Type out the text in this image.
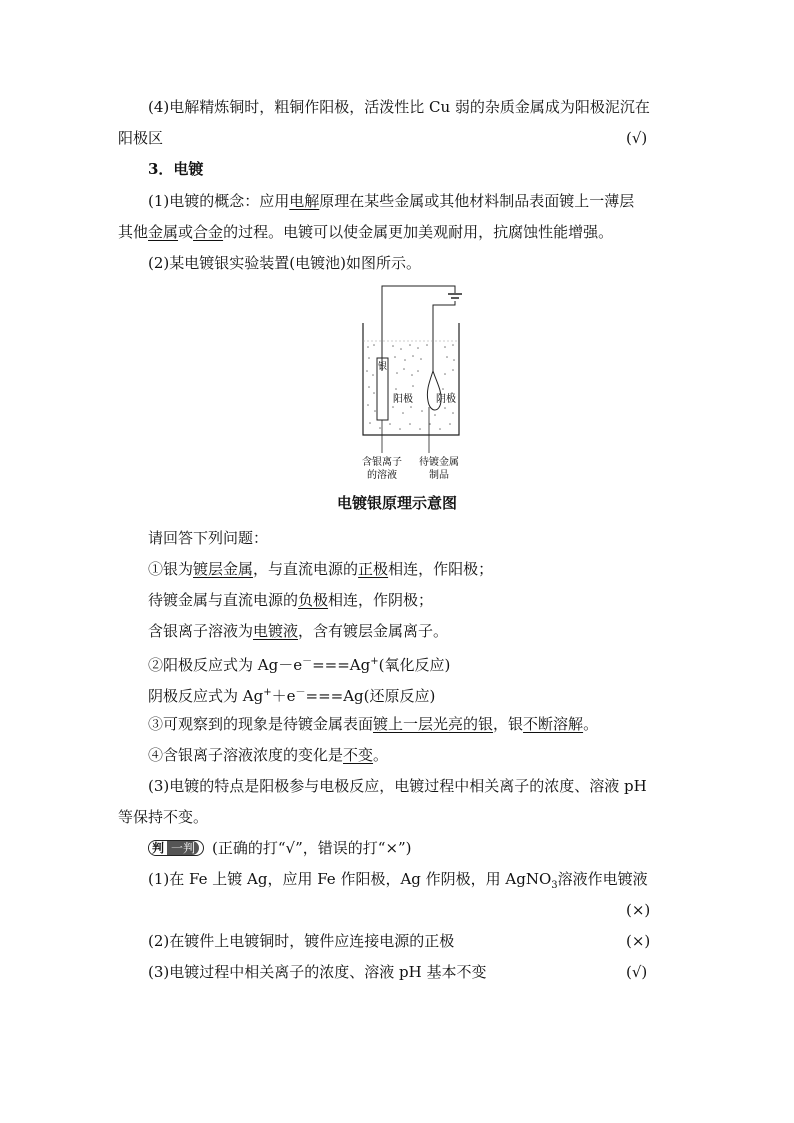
(4)电解精炼铜时，粗铜作阳极，活泼性比 Cu 弱的杂质金属成为阳极泥沉在
阳极区	(√)
3．电镀
(1)电镀的概念：应用电解原理在某些金属或其他材料制品表面镀上一薄层
其他金属或合金的过程。电镀可以使金属更加美观耐用，抗腐蚀性能增强。
(2)某电镀银实验装置(电镀池)如图所示。
银
阳极 阴极
含银离子
的溶液
待镀金属
制品
电镀银原理示意图
请回答下列问题：
①银为镀层金属，与直流电源的正极相连，作阳极；
待镀金属与直流电源的负极相连，作阴极；
含银离子溶液为电镀液，含有镀层金属离子。
②阳极反应式为 Ag－e－===Ag+(氧化反应)
阴极反应式为 Ag+＋e－===Ag(还原反应)
③可观察到的现象是待镀金属表面镀上一层光亮的银，银不断溶解。
④含银离子溶液浓度的变化是不变。
(3)电镀的特点是阳极参与电极反应，电镀过程中相关离子的浓度、溶液 pH
等保持不变。
判 一判 (正确的打“√”，错误的打“×”)
(1)在 Fe 上镀 Ag，应用 Fe 作阳极，Ag 作阴极，用 AgNO$_3$溶液作电镀液
(×)
(2)在镀件上电镀铜时，镀件应连接电源的正极	(×)
(3)电镀过程中相关离子的浓度、溶液 pH 基本不变	(√)
